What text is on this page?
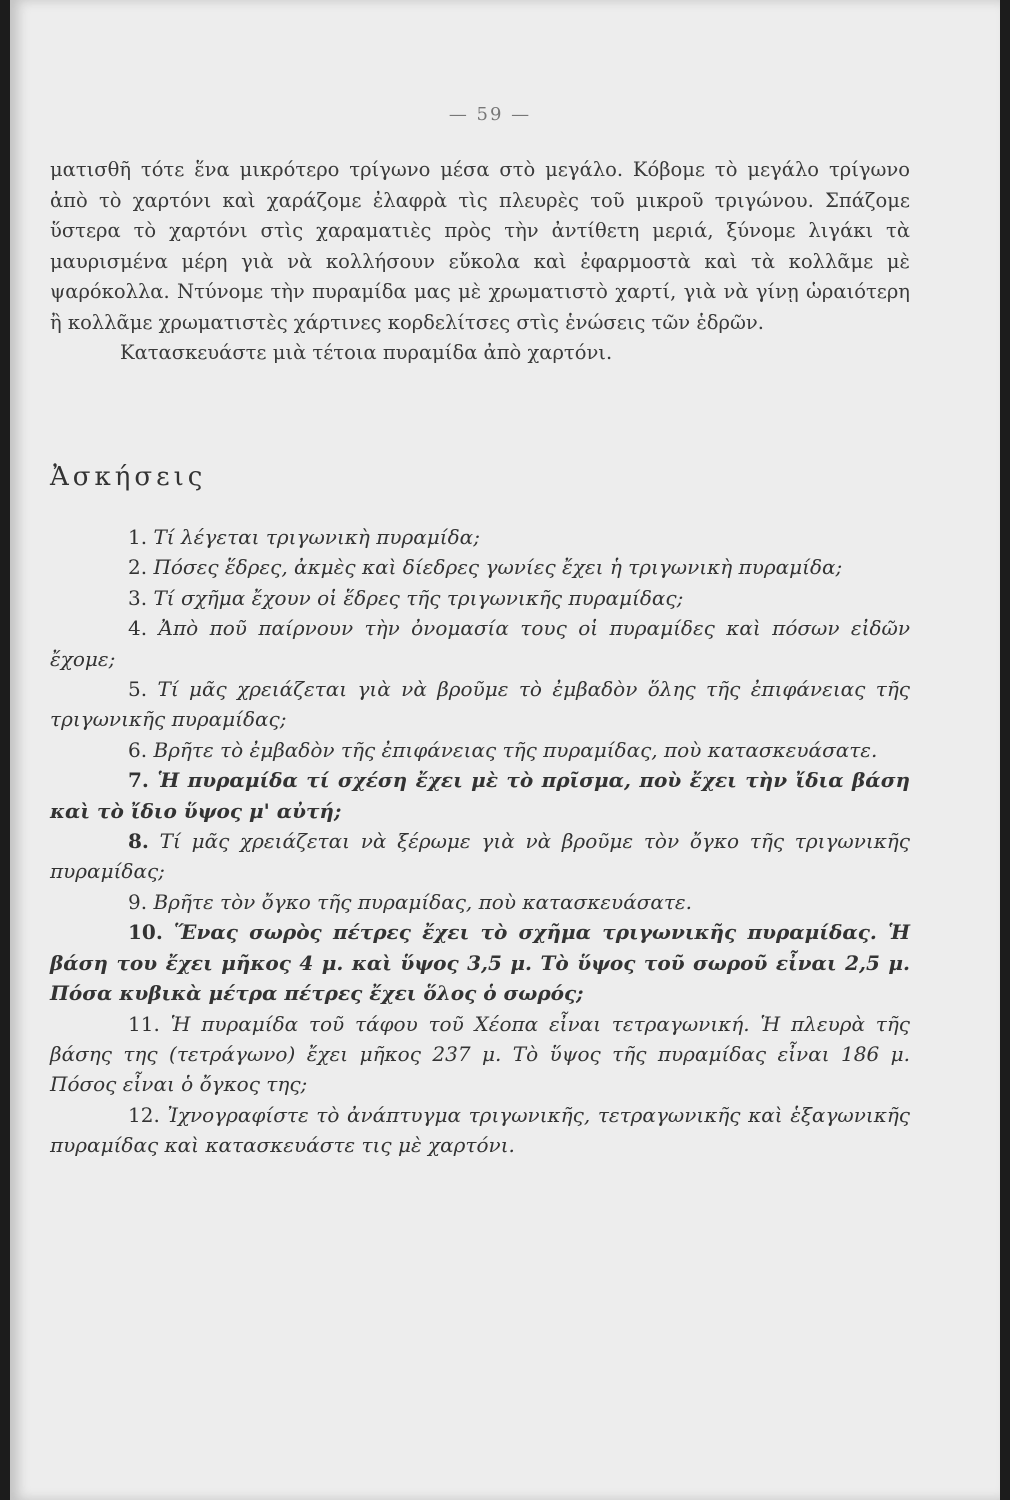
— 59 —

ματισθῆ τότε ἕνα μικρότερο τρίγωνο μέσα στὸ μεγάλο. Κόβομε τὸ μεγάλο τρίγωνο ἀπὸ τὸ χαρτόνι καὶ χαράζομε ἐλαφρὰ τὶς πλευρὲς τοῦ μικροῦ τριγώνου. Σπάζομε ὕστερα τὸ χαρτόνι στὶς χαραματιὲς πρὸς τὴν ἀντίθετη μεριά, ξύνομε λιγάκι τὰ μαυρισμένα μέρη γιὰ νὰ κολλήσουν εὔκολα καὶ ἐφαρμοστὰ καὶ τὰ κολλᾶμε μὲ ψαρόκολλα. Ντύνομε τὴν πυραμίδα μας μὲ χρωματιστὸ χαρτί, γιὰ νὰ γίνῃ ὡραιότερη ἢ κολλᾶμε χρωματιστὲς χάρτινες κορδελίτσες στὶς ἑνώσεις τῶν ἑδρῶν.

Κατασκευάστε μιὰ τέτοια πυραμίδα ἀπὸ χαρτόνι.

Ἀσκήσεις

1. Τί λέγεται τριγωνικὴ πυραμίδα;

2. Πόσες ἕδρες, ἀκμὲς καὶ δίεδρες γωνίες ἔχει ἡ τριγωνικὴ πυραμίδα;

3. Τί σχῆμα ἔχουν οἱ ἕδρες τῆς τριγωνικῆς πυραμίδας;

4. Ἀπὸ ποῦ παίρνουν τὴν ὀνομασία τους οἱ πυραμίδες καὶ πόσων εἰδῶν ἔχομε;

5. Τί μᾶς χρειάζεται γιὰ νὰ βροῦμε τὸ ἐμβαδὸν ὅλης τῆς ἐπιφάνειας τῆς τριγωνικῆς πυραμίδας;

6. Βρῆτε τὸ ἐμβαδὸν τῆς ἐπιφάνειας τῆς πυραμίδας, ποὺ κατασκευάσατε.

7. Ἡ πυραμίδα τί σχέση ἔχει μὲ τὸ πρῖσμα, ποὺ ἔχει τὴν ἴδια βάση καὶ τὸ ἴδιο ὕψος μ' αὐτή;

8. Τί μᾶς χρειάζεται νὰ ξέρωμε γιὰ νὰ βροῦμε τὸν ὄγκο τῆς τριγωνικῆς πυραμίδας;

9. Βρῆτε τὸν ὄγκο τῆς πυραμίδας, ποὺ κατασκευάσατε.

10. Ἕνας σωρὸς πέτρες ἔχει τὸ σχῆμα τριγωνικῆς πυραμίδας. Ἡ βάση του ἔχει μῆκος 4 μ. καὶ ὕψος 3,5 μ. Τὸ ὕψος τοῦ σωροῦ εἶναι 2,5 μ. Πόσα κυβικὰ μέτρα πέτρες ἔχει ὅλος ὁ σωρός;

11. Ἡ πυραμίδα τοῦ τάφου τοῦ Χέοπα εἶναι τετραγωνική. Ἡ πλευρὰ τῆς βάσης της (τετράγωνο) ἔχει μῆκος 237 μ. Τὸ ὕψος τῆς πυραμίδας εἶναι 186 μ. Πόσος εἶναι ὁ ὄγκος της;

12. Ἰχνογραφίστε τὸ ἀνάπτυγμα τριγωνικῆς, τετραγωνικῆς καὶ ἑξαγωνικῆς πυραμίδας καὶ κατασκευάστε τις μὲ χαρτόνι.
